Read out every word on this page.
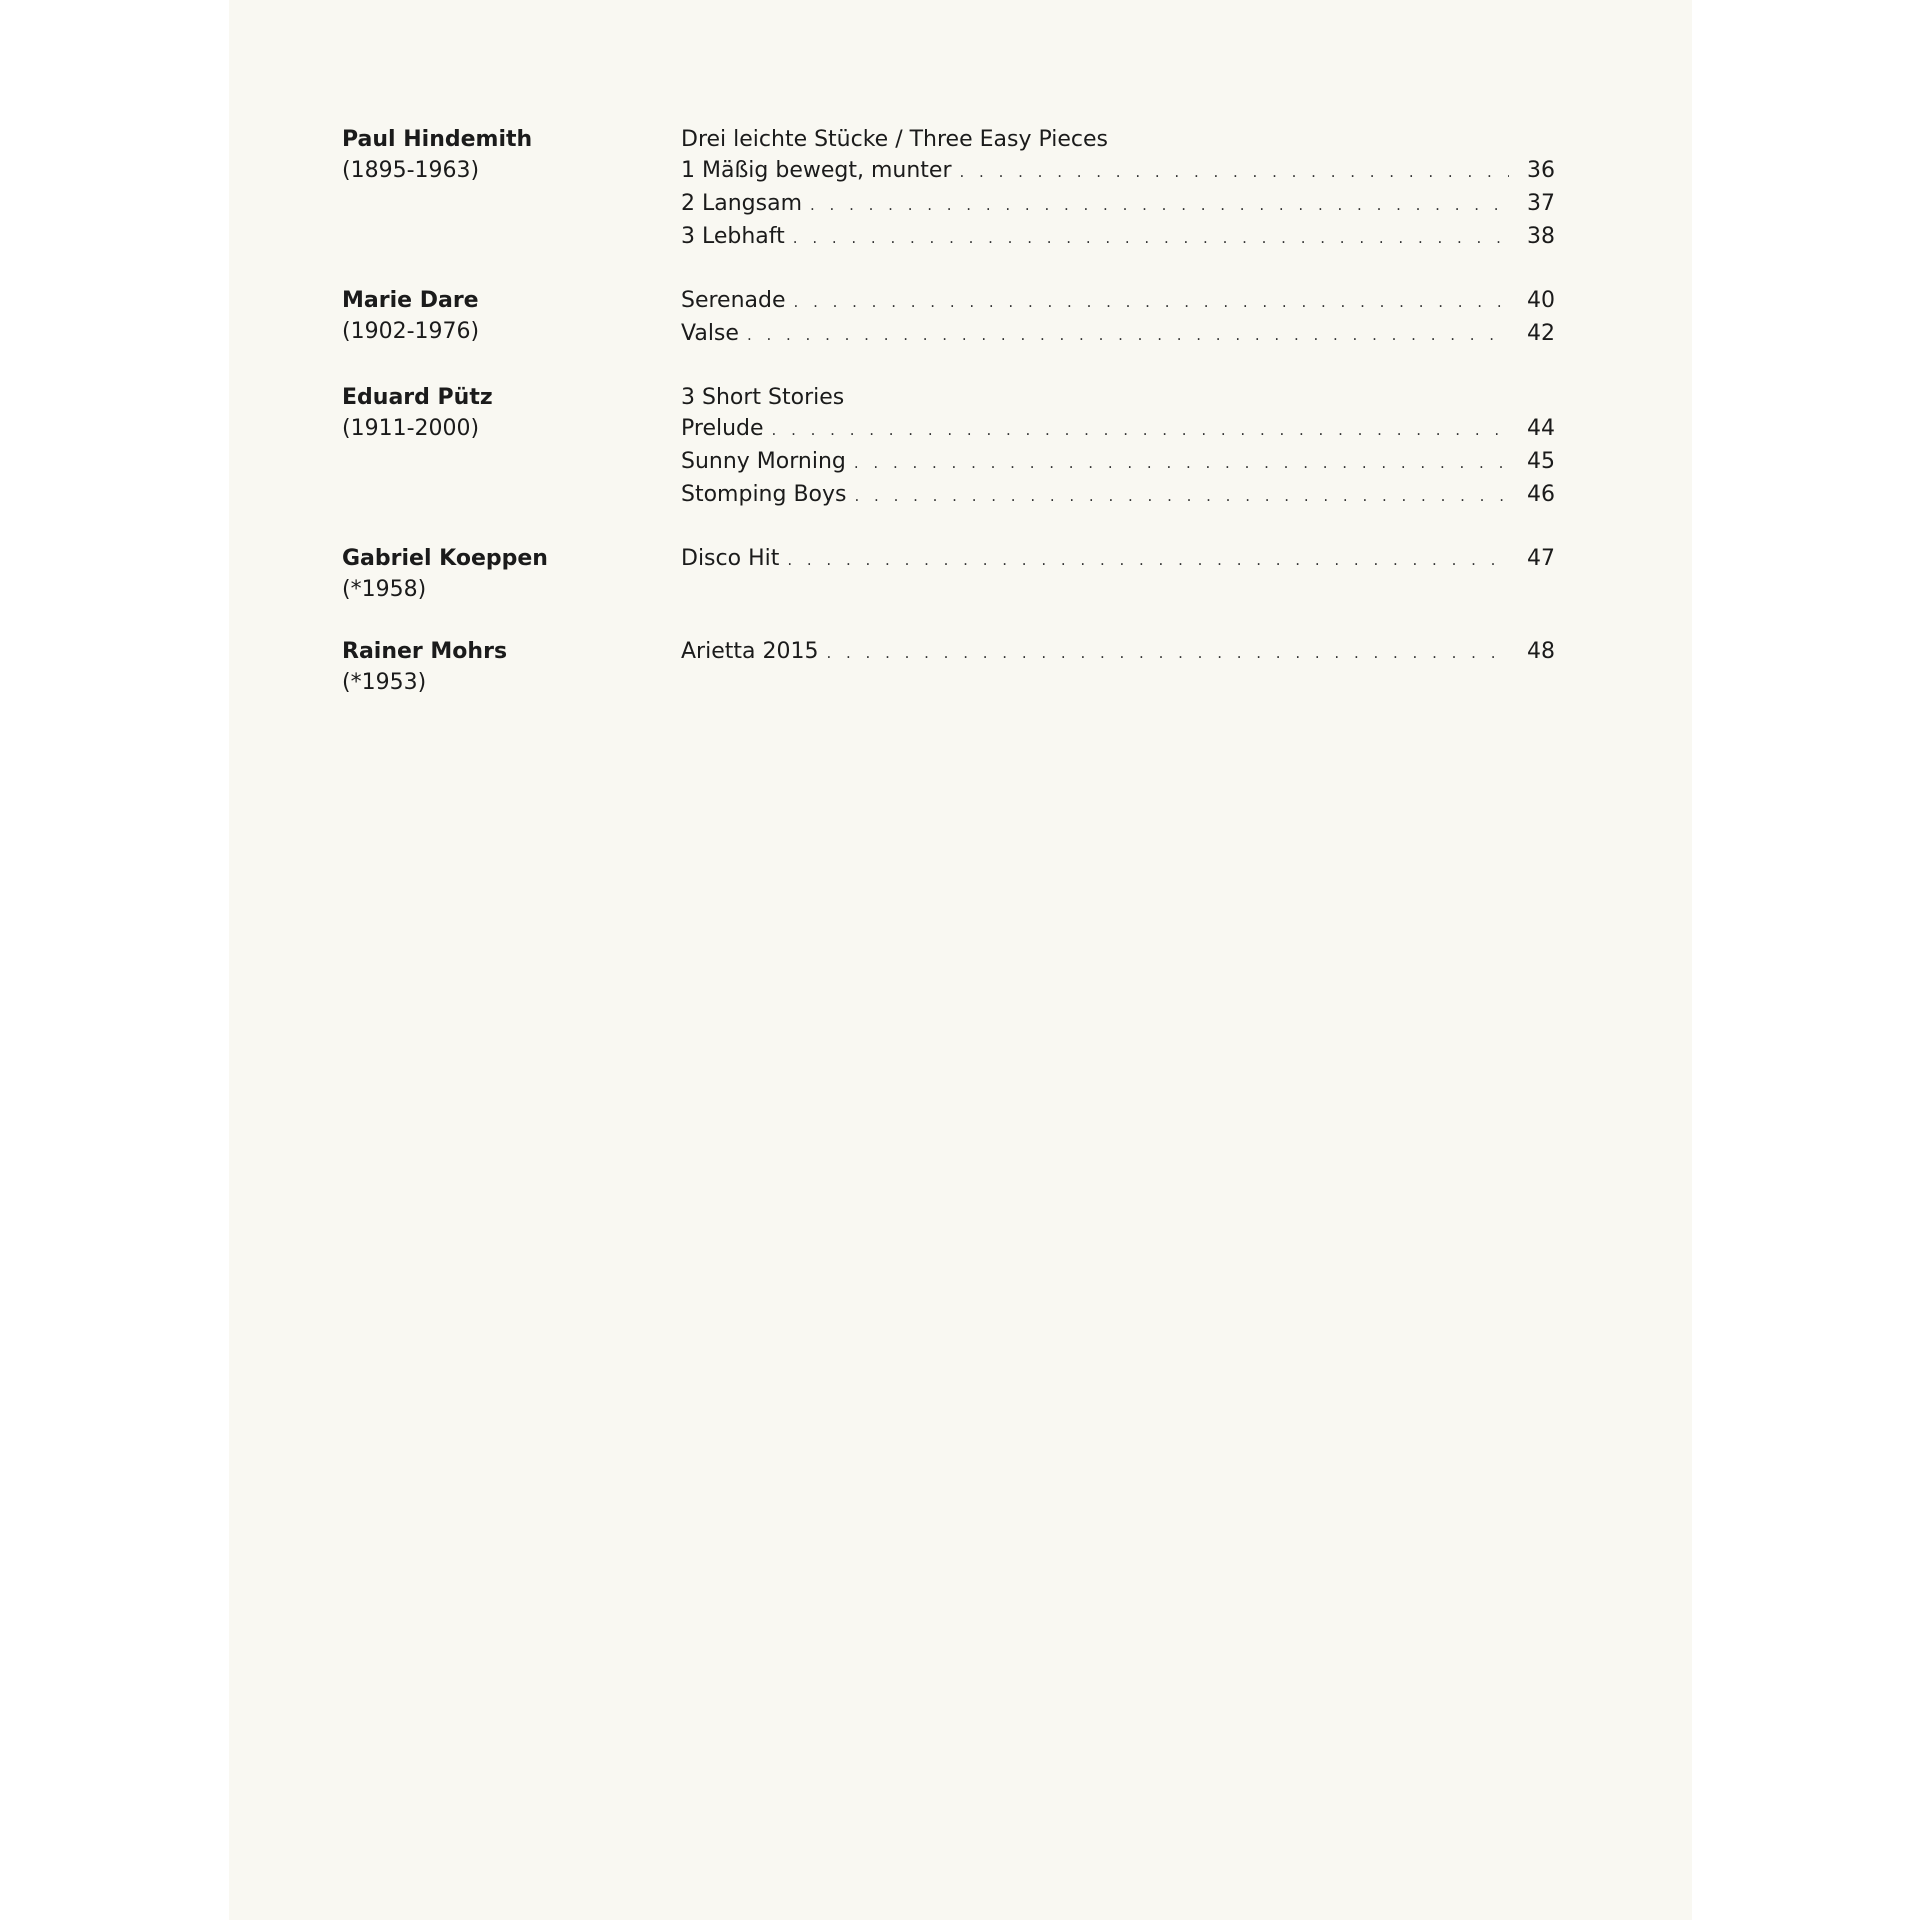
Paul Hindemith
(1895-1963)
Drei leichte Stücke / Three Easy Pieces
1 Mäßig bewegt, munter . . .	36
2 Langsam . . .	37
3 Lebhaft . . .	38
Marie Dare
(1902-1976)
Serenade . . .	40
Valse . . .	42
Eduard Pütz
(1911-2000)
3 Short Stories
Prelude . . .	44
Sunny Morning . . .	45
Stomping Boys . . .	46
Gabriel Koeppen
(*1958)
Disco Hit . . .	47
Rainer Mohrs
(*1953)
Arietta 2015 . . .	48
